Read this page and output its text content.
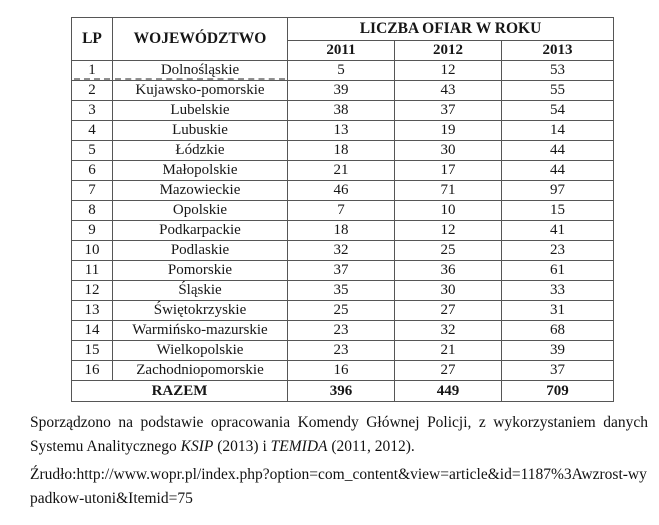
LP	WOJEWÓDZTWO	LICZBA OFIAR W ROKU		
		2011	2012	2013
1	Dolnośląskie	5	12	53
2	Kujawsko-pomorskie	39	43	55
3	Lubelskie	38	37	54
4	Lubuskie	13	19	14
5	Łódzkie	18	30	44
6	Małopolskie	21	17	44
7	Mazowieckie	46	71	97
8	Opolskie	7	10	15
9	Podkarpackie	18	12	41
10	Podlaskie	32	25	23
11	Pomorskie	37	36	61
12	Śląskie	35	30	33
13	Świętokrzyskie	25	27	31
14	Warmińsko-mazurskie	23	32	68
15	Wielkopolskie	23	21	39
16	Zachodniopomorskie	16	27	37
RAZEM		396	449	709

Sporządzono na podstawie opracowania Komendy Głównej Policji, z wykorzystaniem danych Systemu Analitycznego KSIP (2013) i TEMIDA (2011, 2012).

Źrudło:http://www.wopr.pl/index.php?option=com_content&view=article&id=1187%3Awzrost-wypadkow-utoni&Itemid=75
